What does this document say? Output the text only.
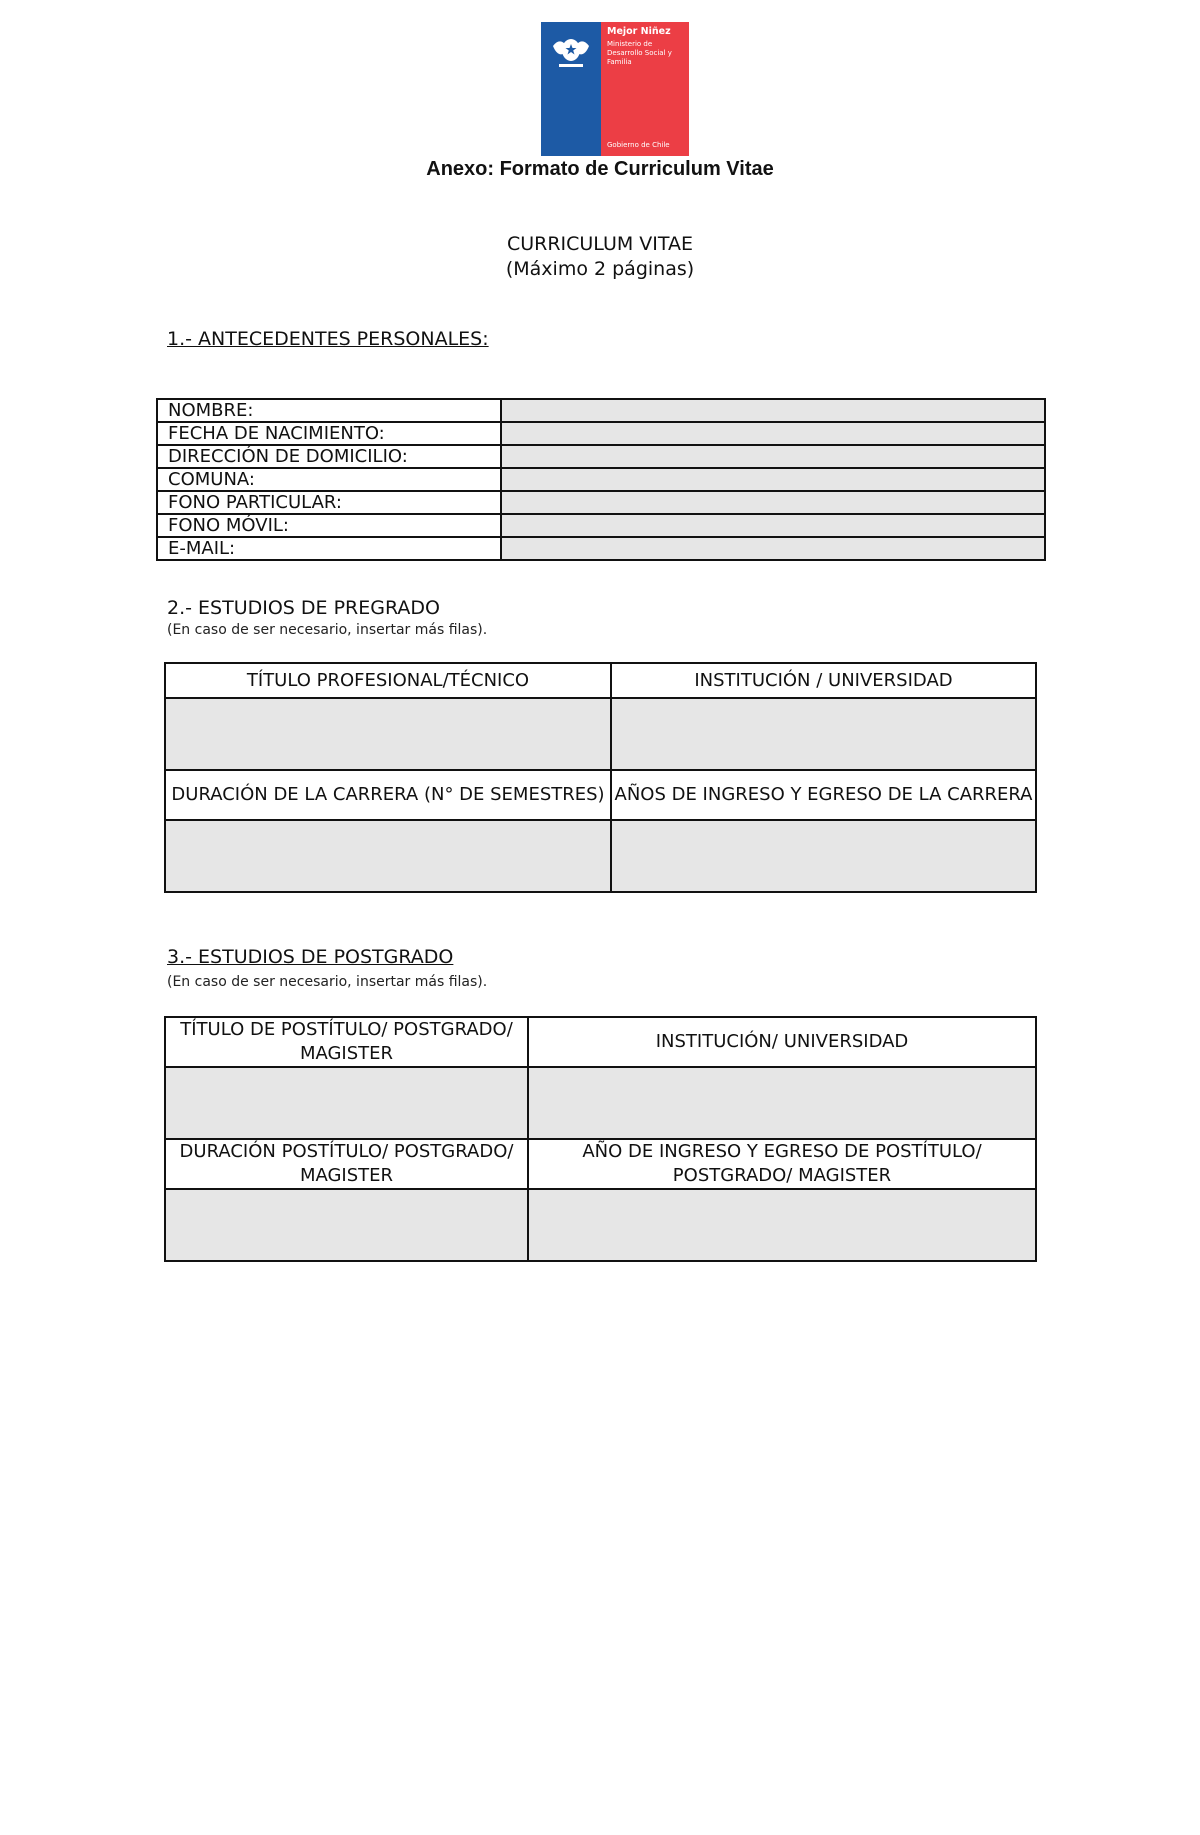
Mejor Niñez
Ministerio de Desarrollo Social y Familia
Gobierno de Chile
Anexo: Formato de Curriculum Vitae
CURRICULUM VITAE
(Máximo 2 páginas)
1.- ANTECEDENTES PERSONALES:
NOMBRE:	
FECHA DE NACIMIENTO:	
DIRECCIÓN DE DOMICILIO:	
COMUNA:	
FONO PARTICULAR:	
FONO MÓVIL:	
E-MAIL:	
2.- ESTUDIOS DE PREGRADO
(En caso de ser necesario, insertar más filas).
TÍTULO PROFESIONAL/TÉCNICO	INSTITUCIÓN / UNIVERSIDAD

DURACIÓN DE LA CARRERA (N° DE SEMESTRES)	AÑOS DE INGRESO Y EGRESO DE LA CARRERA

3.- ESTUDIOS DE POSTGRADO
(En caso de ser necesario, insertar más filas).
TÍTULO DE POSTÍTULO/ POSTGRADO/ MAGISTER	INSTITUCIÓN/ UNIVERSIDAD

DURACIÓN POSTÍTULO/ POSTGRADO/ MAGISTER	AÑO DE INGRESO Y EGRESO DE POSTÍTULO/ POSTGRADO/ MAGISTER
